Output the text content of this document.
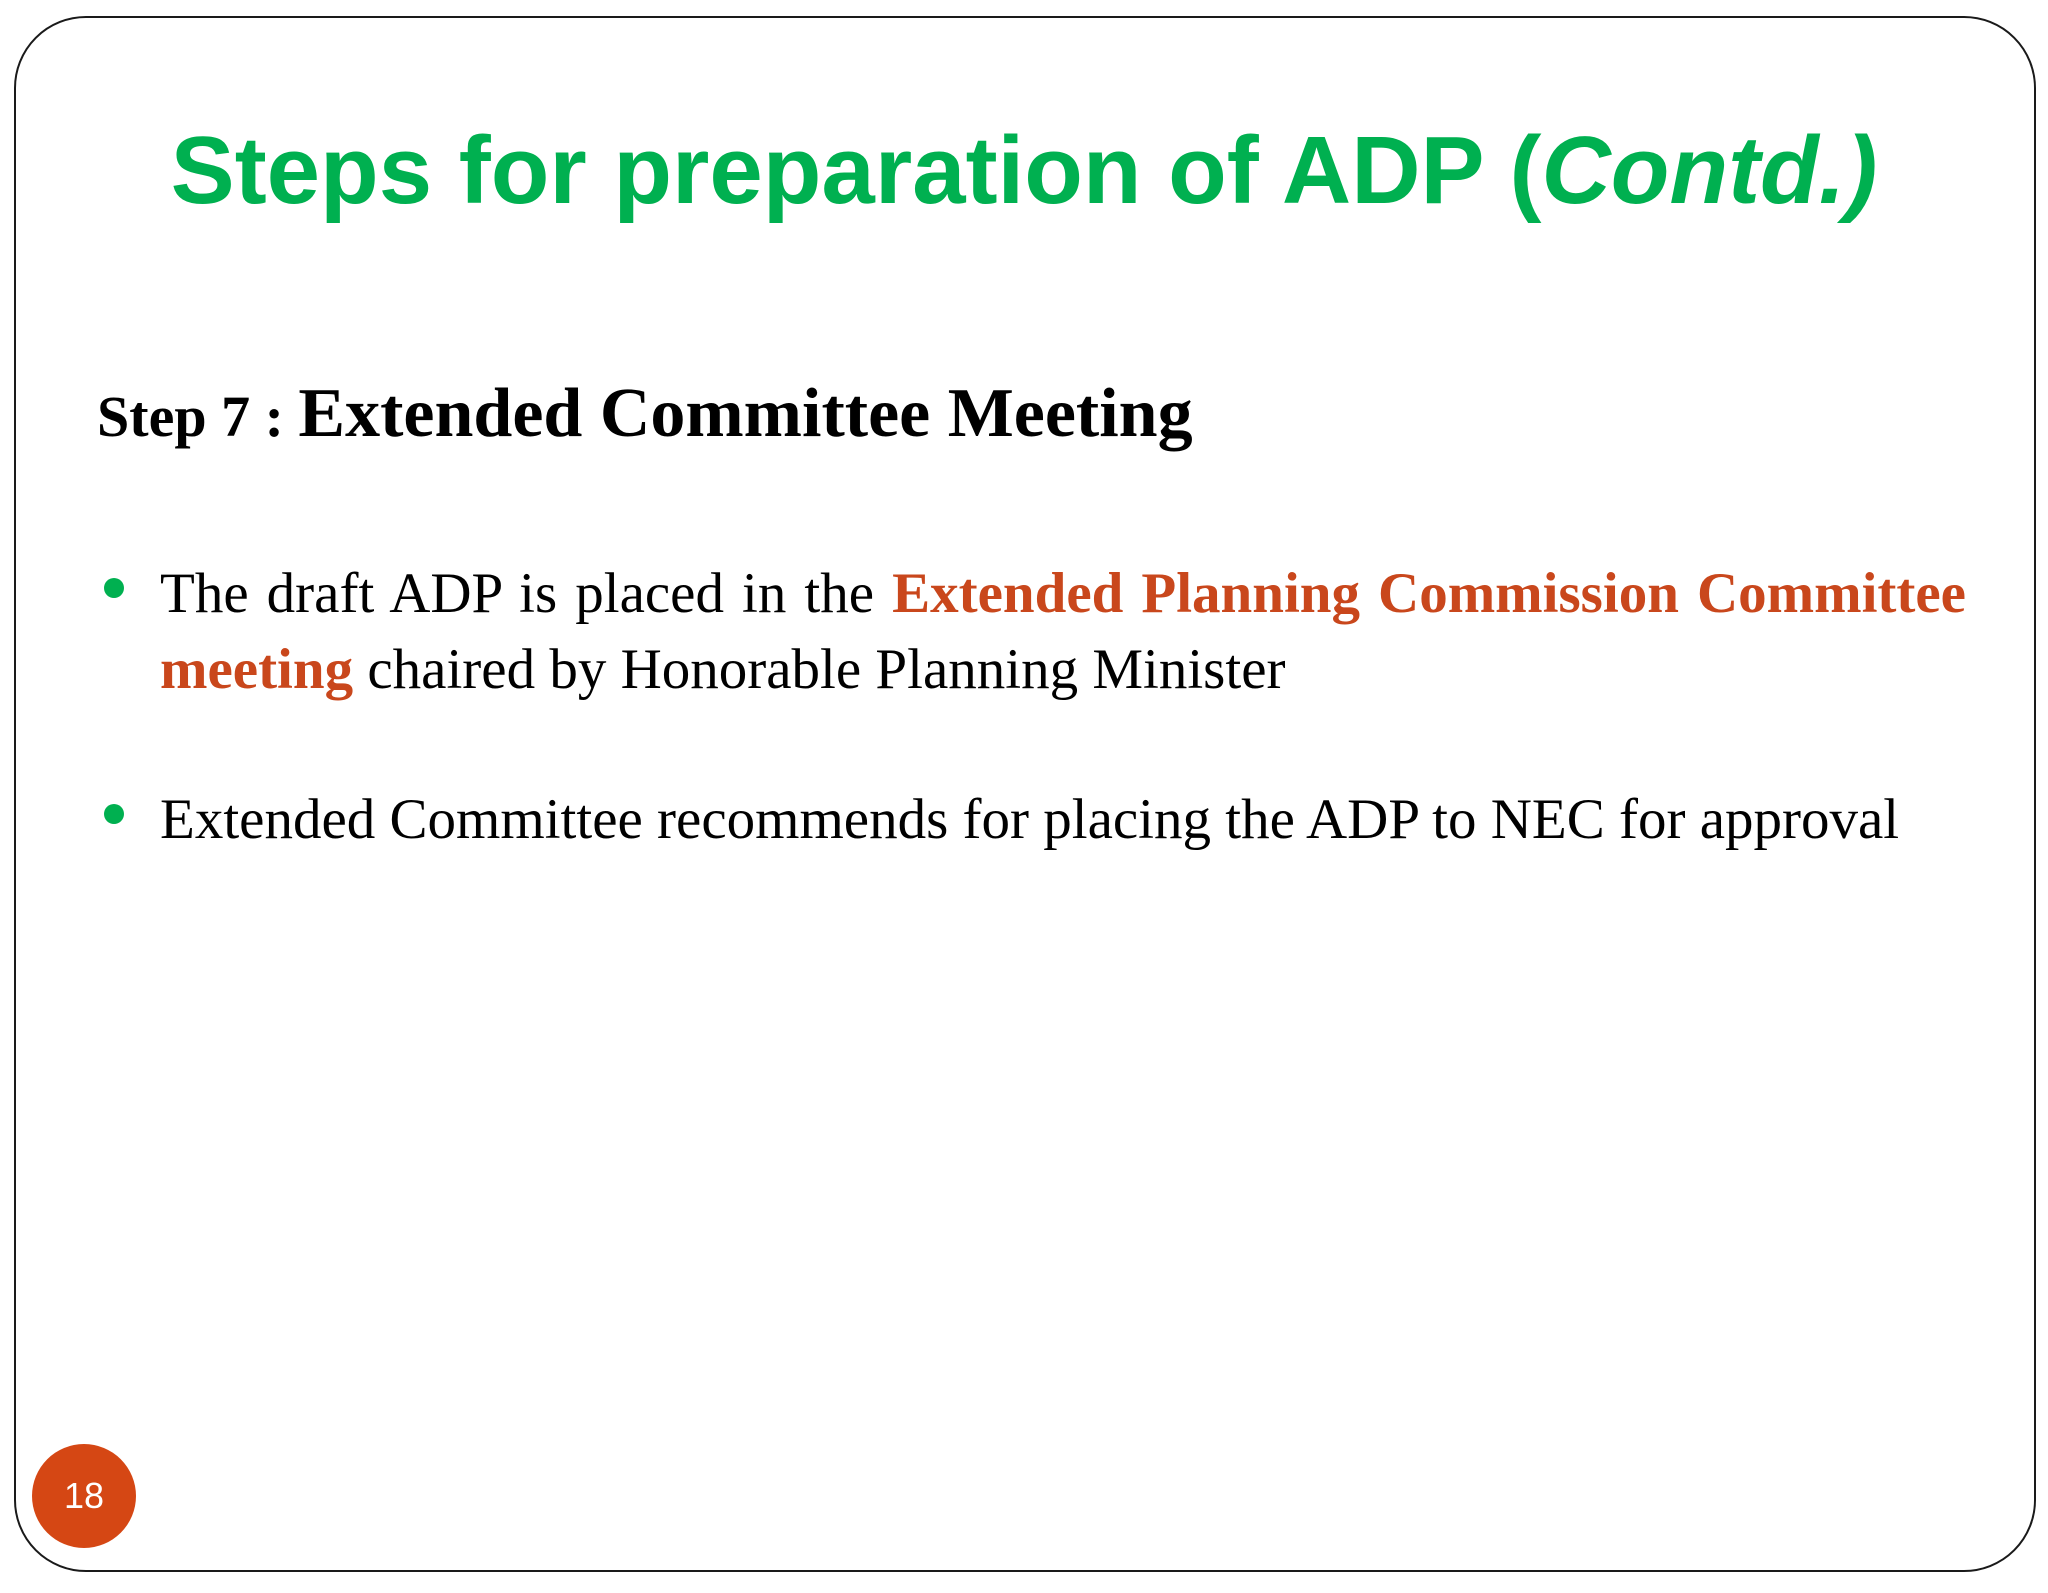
Steps for preparation of ADP (Contd.)
Step 7 : Extended Committee Meeting
The draft ADP is placed in the Extended Planning Commission Committee meeting chaired by Honorable Planning Minister
Extended Committee recommends for placing the ADP to NEC for approval
18
